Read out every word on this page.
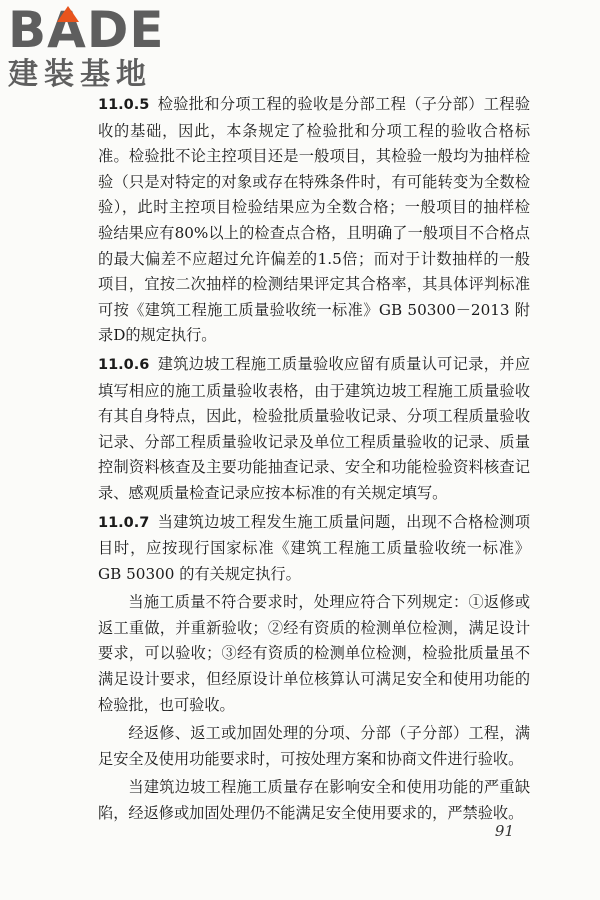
BADE
建装基地

11.0.5 检验批和分项工程的验收是分部工程（子分部）工程验收的基础，因此，本条规定了检验批和分项工程的验收合格标准。检验批不论主控项目还是一般项目，其检验一般均为抽样检验（只是对特定的对象或存在特殊条件时，有可能转变为全数检验），此时主控项目检验结果应为全数合格；一般项目的抽样检验结果应有80%以上的检查点合格，且明确了一般项目不合格点的最大偏差不应超过允许偏差的1.5倍；而对于计数抽样的一般项目，宜按二次抽样的检测结果评定其合格率，其具体评判标准可按《建筑工程施工质量验收统一标准》GB 50300－2013 附录D的规定执行。

11.0.6 建筑边坡工程施工质量验收应留有质量认可记录，并应填写相应的施工质量验收表格，由于建筑边坡工程施工质量验收有其自身特点，因此，检验批质量验收记录、分项工程质量验收记录、分部工程质量验收记录及单位工程质量验收的记录、质量控制资料核查及主要功能抽查记录、安全和功能检验资料核查记录、感观质量检查记录应按本标准的有关规定填写。

11.0.7 当建筑边坡工程发生施工质量问题，出现不合格检测项目时，应按现行国家标准《建筑工程施工质量验收统一标准》GB 50300 的有关规定执行。

当施工质量不符合要求时，处理应符合下列规定：①返修或返工重做，并重新验收；②经有资质的检测单位检测，满足设计要求，可以验收；③经有资质的检测单位检测，检验批质量虽不满足设计要求，但经原设计单位核算认可满足安全和使用功能的检验批，也可验收。

经返修、返工或加固处理的分项、分部（子分部）工程，满足安全及使用功能要求时，可按处理方案和协商文件进行验收。

当建筑边坡工程施工质量存在影响安全和使用功能的严重缺陷，经返修或加固处理仍不能满足安全使用要求的，严禁验收。

91
